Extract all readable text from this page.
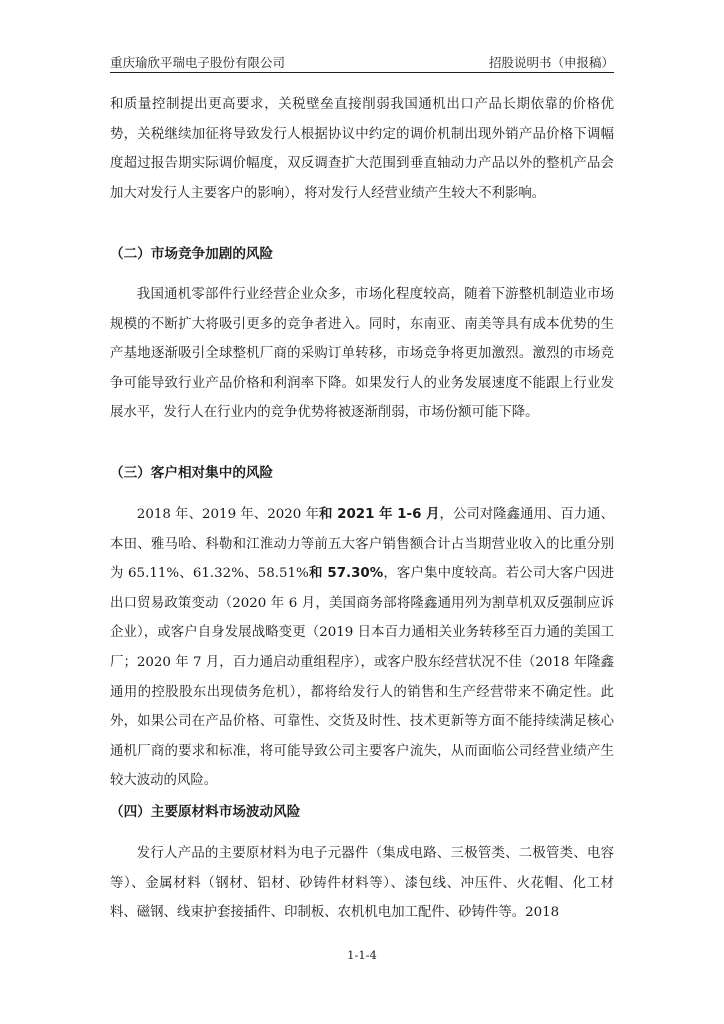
重庆瑜欣平瑞电子股份有限公司	招股说明书（申报稿）

和质量控制提出更高要求，关税壁垒直接削弱我国通机出口产品长期依靠的价格优势，关税继续加征将导致发行人根据协议中约定的调价机制出现外销产品价格下调幅度超过报告期实际调价幅度，双反调查扩大范围到垂直轴动力产品以外的整机产品会加大对发行人主要客户的影响），将对发行人经营业绩产生较大不利影响。

（二）市场竞争加剧的风险

我国通机零部件行业经营企业众多，市场化程度较高，随着下游整机制造业市场规模的不断扩大将吸引更多的竞争者进入。同时，东南亚、南美等具有成本优势的生产基地逐渐吸引全球整机厂商的采购订单转移，市场竞争将更加激烈。激烈的市场竞争可能导致行业产品价格和利润率下降。如果发行人的业务发展速度不能跟上行业发展水平，发行人在行业内的竞争优势将被逐渐削弱，市场份额可能下降。

（三）客户相对集中的风险

2018 年、2019 年、2020 年和 2021 年 1-6 月，公司对隆鑫通用、百力通、本田、雅马哈、科勒和江淮动力等前五大客户销售额合计占当期营业收入的比重分别为 65.11%、61.32%、58.51%和 57.30%，客户集中度较高。若公司大客户因进出口贸易政策变动（2020 年 6 月，美国商务部将隆鑫通用列为割草机双反强制应诉企业），或客户自身发展战略变更（2019 日本百力通相关业务转移至百力通的美国工厂；2020 年 7 月，百力通启动重组程序），或客户股东经营状况不佳（2018 年隆鑫通用的控股股东出现债务危机），都将给发行人的销售和生产经营带来不确定性。此外，如果公司在产品价格、可靠性、交货及时性、技术更新等方面不能持续满足核心通机厂商的要求和标准，将可能导致公司主要客户流失，从而面临公司经营业绩产生较大波动的风险。

（四）主要原材料市场波动风险

发行人产品的主要原材料为电子元器件（集成电路、三极管类、二极管类、电容等）、金属材料（钢材、铝材、砂铸件材料等）、漆包线、冲压件、火花帽、化工材料、磁钢、线束护套接插件、印制板、农机机电加工配件、砂铸件等。2018

1-1-4
